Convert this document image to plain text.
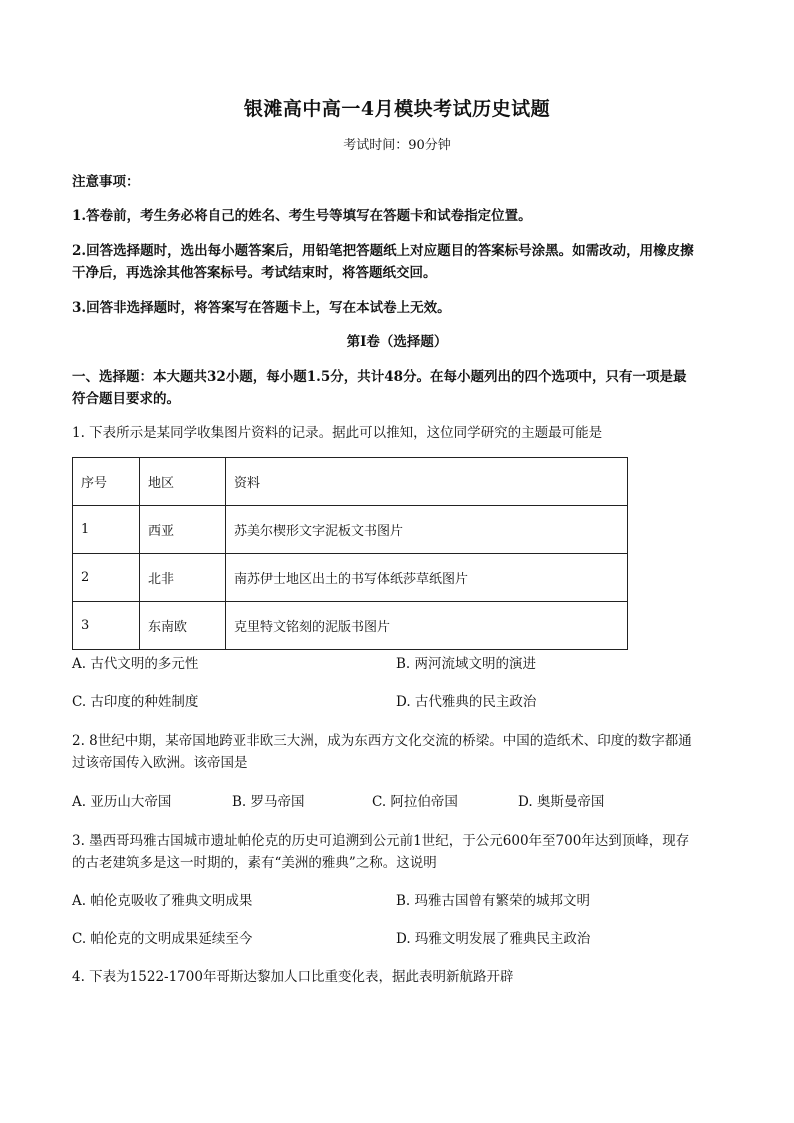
银滩高中高一4月模块考试历史试题
考试时间：90分钟
注意事项：
1.答卷前，考生务必将自己的姓名、考生号等填写在答题卡和试卷指定位置。
2.回答选择题时，选出每小题答案后，用铅笔把答题纸上对应题目的答案标号涂黑。如需改动，用橡皮擦
干净后，再选涂其他答案标号。考试结束时，将答题纸交回。
3.回答非选择题时，将答案写在答题卡上，写在本试卷上无效。
第Ⅰ卷（选择题）
一、选择题：本大题共32小题，每小题1.5分，共计48分。在每小题列出的四个选项中，只有一项是最
符合题目要求的。
1. 下表所示是某同学收集图片资料的记录。据此可以推知，这位同学研究的主题最可能是
序号	地区	资料
1	西亚	苏美尔楔形文字泥板文书图片
2	北非	南苏伊士地区出土的书写体纸莎草纸图片
3	东南欧	克里特文铭刻的泥版书图片
A. 古代文明的多元性	B. 两河流域文明的演进
C. 古印度的种姓制度	D. 古代雅典的民主政治
2. 8世纪中期，某帝国地跨亚非欧三大洲，成为东西方文化交流的桥梁。中国的造纸术、印度的数字都通
过该帝国传入欧洲。该帝国是
A. 亚历山大帝国	B. 罗马帝国	C. 阿拉伯帝国	D. 奥斯曼帝国
3. 墨西哥玛雅古国城市遗址帕伦克的历史可追溯到公元前1世纪，于公元600年至700年达到顶峰，现存
的古老建筑多是这一时期的，素有“美洲的雅典”之称。这说明
A. 帕伦克吸收了雅典文明成果	B. 玛雅古国曾有繁荣的城邦文明
C. 帕伦克的文明成果延续至今	D. 玛雅文明发展了雅典民主政治
4. 下表为1522-1700年哥斯达黎加人口比重变化表，据此表明新航路开辟
